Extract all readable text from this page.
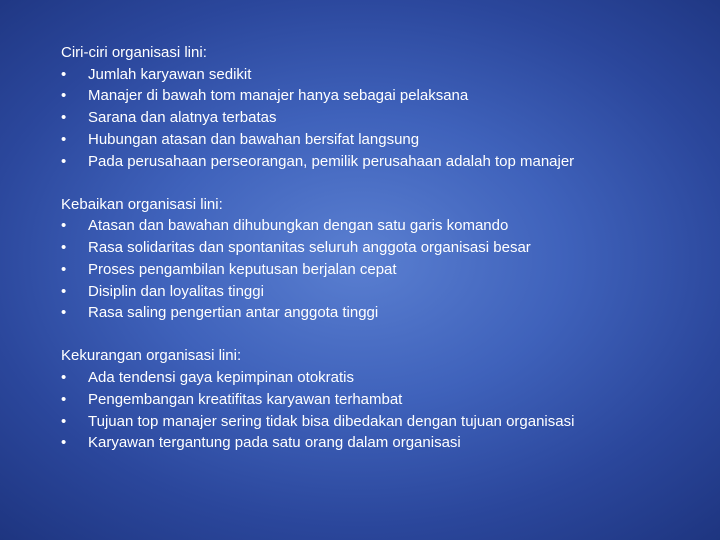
Ciri-ciri organisasi lini:
•	Jumlah karyawan sedikit
•	Manajer di bawah tom manajer hanya sebagai pelaksana
•	Sarana dan alatnya terbatas
•	Hubungan atasan dan bawahan bersifat langsung
•	Pada perusahaan perseorangan, pemilik perusahaan adalah top manajer
Kebaikan organisasi lini:
•	Atasan dan bawahan dihubungkan dengan satu garis komando
•	Rasa solidaritas dan spontanitas seluruh anggota organisasi besar
•	Proses pengambilan keputusan berjalan cepat
•	Disiplin dan loyalitas tinggi
•	Rasa saling pengertian antar anggota tinggi
Kekurangan organisasi lini:
•	Ada tendensi gaya kepimpinan otokratis
•	Pengembangan kreatifitas karyawan terhambat
•	Tujuan top manajer sering tidak bisa dibedakan dengan tujuan organisasi
•	Karyawan tergantung pada satu orang dalam organisasi
